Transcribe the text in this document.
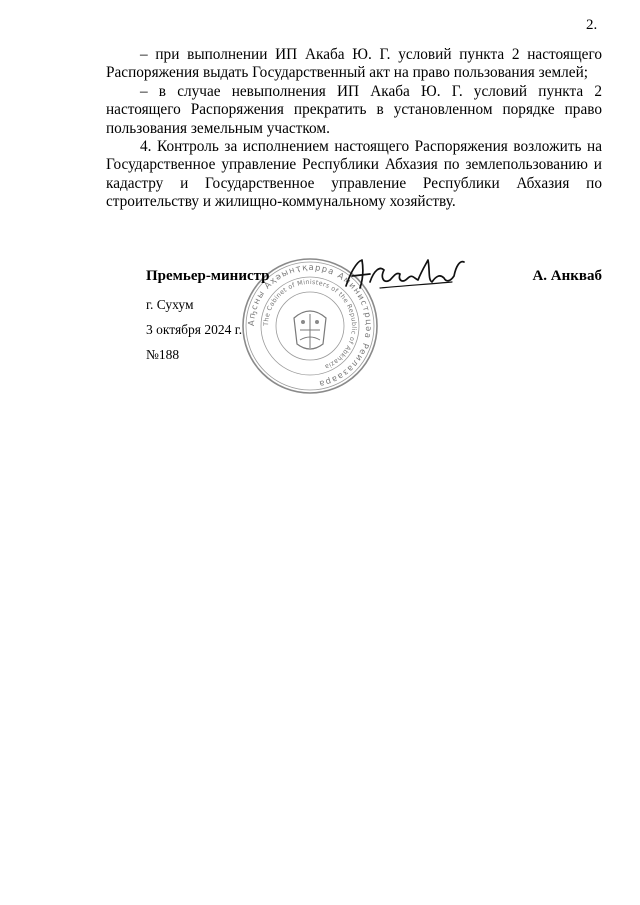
2.

– при выполнении ИП Акаба Ю. Г. условий пункта 2 настоящего Распоряжения выдать Государственный акт на право пользования землей;

– в случае невыполнения ИП Акаба Ю. Г. условий пункта 2 настоящего Распоряжения прекратить в установленном порядке право пользования земельным участком.

4. Контроль за исполнением настоящего Распоряжения возложить на Государственное управление Республики Абхазия по землепользованию и кадастру и Государственное управление Республики Абхазия по строительству и жилищно-коммунальному хозяйству.

Аҧсны Аҳәынҭқарра Аминистрцәа Реилазаара
The Cabinet of Ministers of the Republic of Abkhazia
Премьер-министр	А. Анкваб
г. Сухум
3 октября 2024 г.
№188
